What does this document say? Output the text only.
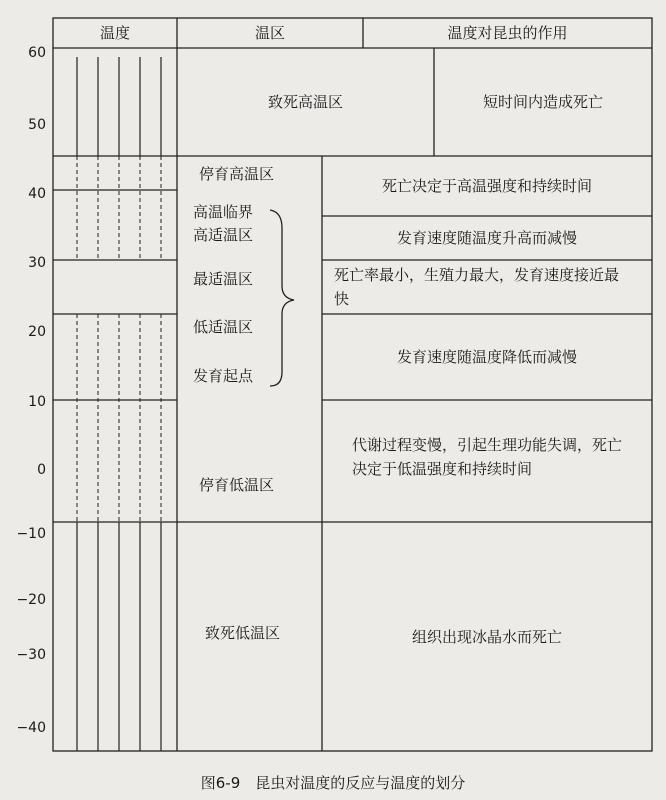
温度	温区	温度对昆虫的作用
60
50
40
30
20
10
0
−10
−20
−30
−40
致死高温区
停育高温区
高温临界
高适温区
最适温区
低适温区
发育起点
停育低温区
致死低温区
短时间内造成死亡
死亡决定于高温强度和持续时间
发育速度随温度升高而减慢
死亡率最小，生殖力最大，发育速度接近最快
发育速度随温度降低而减慢
代谢过程变慢，引起生理功能失调，死亡决定于低温强度和持续时间
组织出现冰晶水而死亡
图6-9　昆虫对温度的反应与温度的划分
